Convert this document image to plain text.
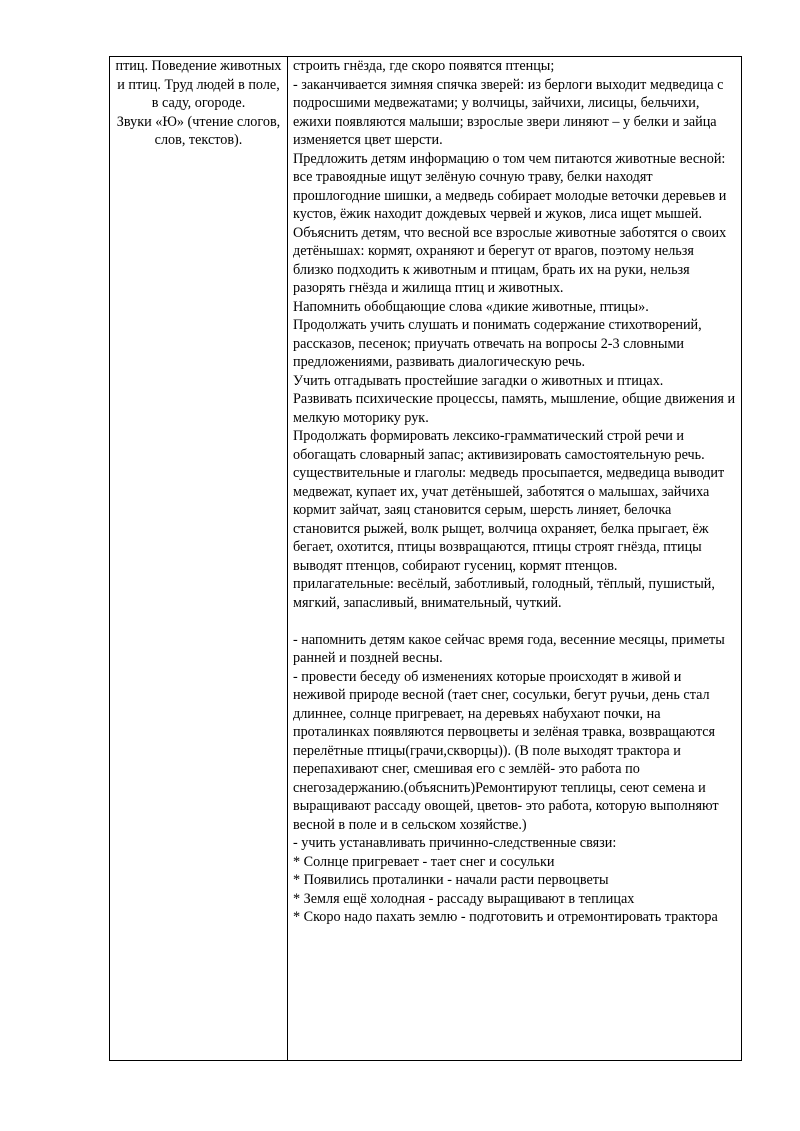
птиц. Поведение животных и птиц. Труд людей в поле, в саду, огороде.

Звуки «Ю» (чтение слогов, слов, текстов).

строить гнёзда, где скоро появятся птенцы;

- заканчивается зимняя спячка зверей: из берлоги выходит медведица с подросшими медвежатами; у волчицы, зайчихи, лисицы, бельчихи, ежихи появляются малыши; взрослые звери линяют – у белки и зайца изменяется цвет шерсти.

Предложить детям информацию о том чем питаются животные весной: все травоядные ищут зелёную сочную траву, белки находят прошлогодние шишки, а медведь собирает молодые веточки деревьев и кустов, ёжик находит дождевых червей и жуков, лиса ищет мышей.

Объяснить детям, что весной все взрослые животные заботятся о своих детёнышах: кормят, охраняют и берегут от врагов, поэтому нельзя близко подходить к животным и птицам, брать их на руки, нельзя разорять гнёзда и жилища птиц и животных.

Напомнить обобщающие слова «дикие животные, птицы».

Продолжать учить слушать и понимать содержание стихотворений, рассказов, песенок; приучать отвечать на вопросы 2-3 словными предложениями, развивать диалогическую речь.

Учить отгадывать простейшие загадки о животных и птицах.

Развивать психические процессы, память, мышление, общие движения и мелкую моторику рук.

Продолжать формировать лексико-грамматический строй речи и обогащать словарный запас; активизировать самостоятельную речь.

существительные и глаголы: медведь просыпается, медведица выводит медвежат, купает их, учат детёнышей, заботятся о малышах, зайчиха кормит зайчат, заяц становится серым, шерсть линяет, белочка становится рыжей, волк рыщет, волчица охраняет, белка прыгает, ёж бегает, охотится, птицы возвращаются, птицы строят гнёзда, птицы выводят птенцов, собирают гусениц, кормят птенцов.

прилагательные: весёлый, заботливый, голодный, тёплый, пушистый, мягкий, запасливый, внимательный, чуткий.

- напомнить детям какое сейчас время года, весенние месяцы, приметы ранней и поздней весны.

- провести беседу об изменениях которые происходят в живой и неживой природе весной (тает снег, сосульки, бегут ручьи, день стал длиннее, солнце пригревает, на деревьях набухают почки, на проталинках появляются первоцветы и зелёная травка, возвращаются перелётные птицы(грачи,скворцы)). (В поле выходят трактора и перепахивают снег, смешивая его с землёй- это работа по снегозадержанию.(объяснить)Ремонтируют теплицы, сеют семена и выращивают рассаду овощей, цветов- это работа, которую выполняют весной в поле и в сельском хозяйстве.)

- учить устанавливать причинно-следственные связи:

* Солнце пригревает - тает снег и сосульки

* Появились проталинки - начали расти первоцветы

* Земля ещё холодная - рассаду выращивают в теплицах

* Скоро надо пахать землю - подготовить и отремонтировать трактора
